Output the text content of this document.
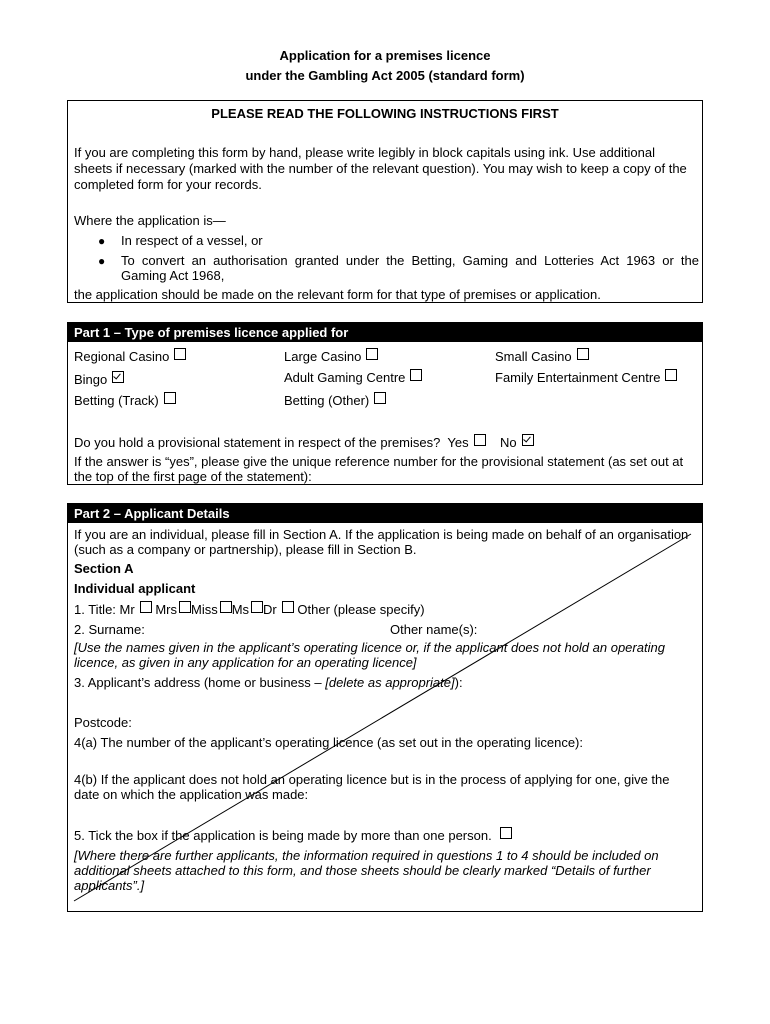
Application for a premises licence
under the Gambling Act 2005 (standard form)
PLEASE READ THE FOLLOWING INSTRUCTIONS FIRST
If you are completing this form by hand, please write legibly in block capitals using ink. Use additional sheets if necessary (marked with the number of the relevant question). You may wish to keep a copy of the completed form for your records.
Where the application is—
● In respect of a vessel, or
● To convert an authorisation granted under the Betting, Gaming and Lotteries Act 1963 or the Gaming Act 1968,
the application should be made on the relevant form for that type of premises or application.
Part 1 – Type of premises licence applied for
Regional Casino	Large Casino	Small Casino
Bingo	Adult Gaming Centre	Family Entertainment Centre
Betting (Track)	Betting (Other)
Do you hold a provisional statement in respect of the premises? Yes No
If the answer is “yes”, please give the unique reference number for the provisional statement (as set out at the top of the first page of the statement):
Part 2 – Applicant Details
If you are an individual, please fill in Section A. If the application is being made on behalf of an organisation (such as a company or partnership), please fill in Section B.
Section A
Individual applicant
1. Title: Mr Mrs Miss Ms Dr Other (please specify)
2. Surname:	Other name(s):
[Use the names given in the applicant’s operating licence or, if the applicant does not hold an operating licence, as given in any application for an operating licence]
3. Applicant’s address (home or business – [delete as appropriate]):
Postcode:
4(a) The number of the applicant’s operating licence (as set out in the operating licence):
4(b) If the applicant does not hold an operating licence but is in the process of applying for one, give the date on which the application was made:
5. Tick the box if the application is being made by more than one person.
[Where there are further applicants, the information required in questions 1 to 4 should be included on additional sheets attached to this form, and those sheets should be clearly marked “Details of further applicants”.]
